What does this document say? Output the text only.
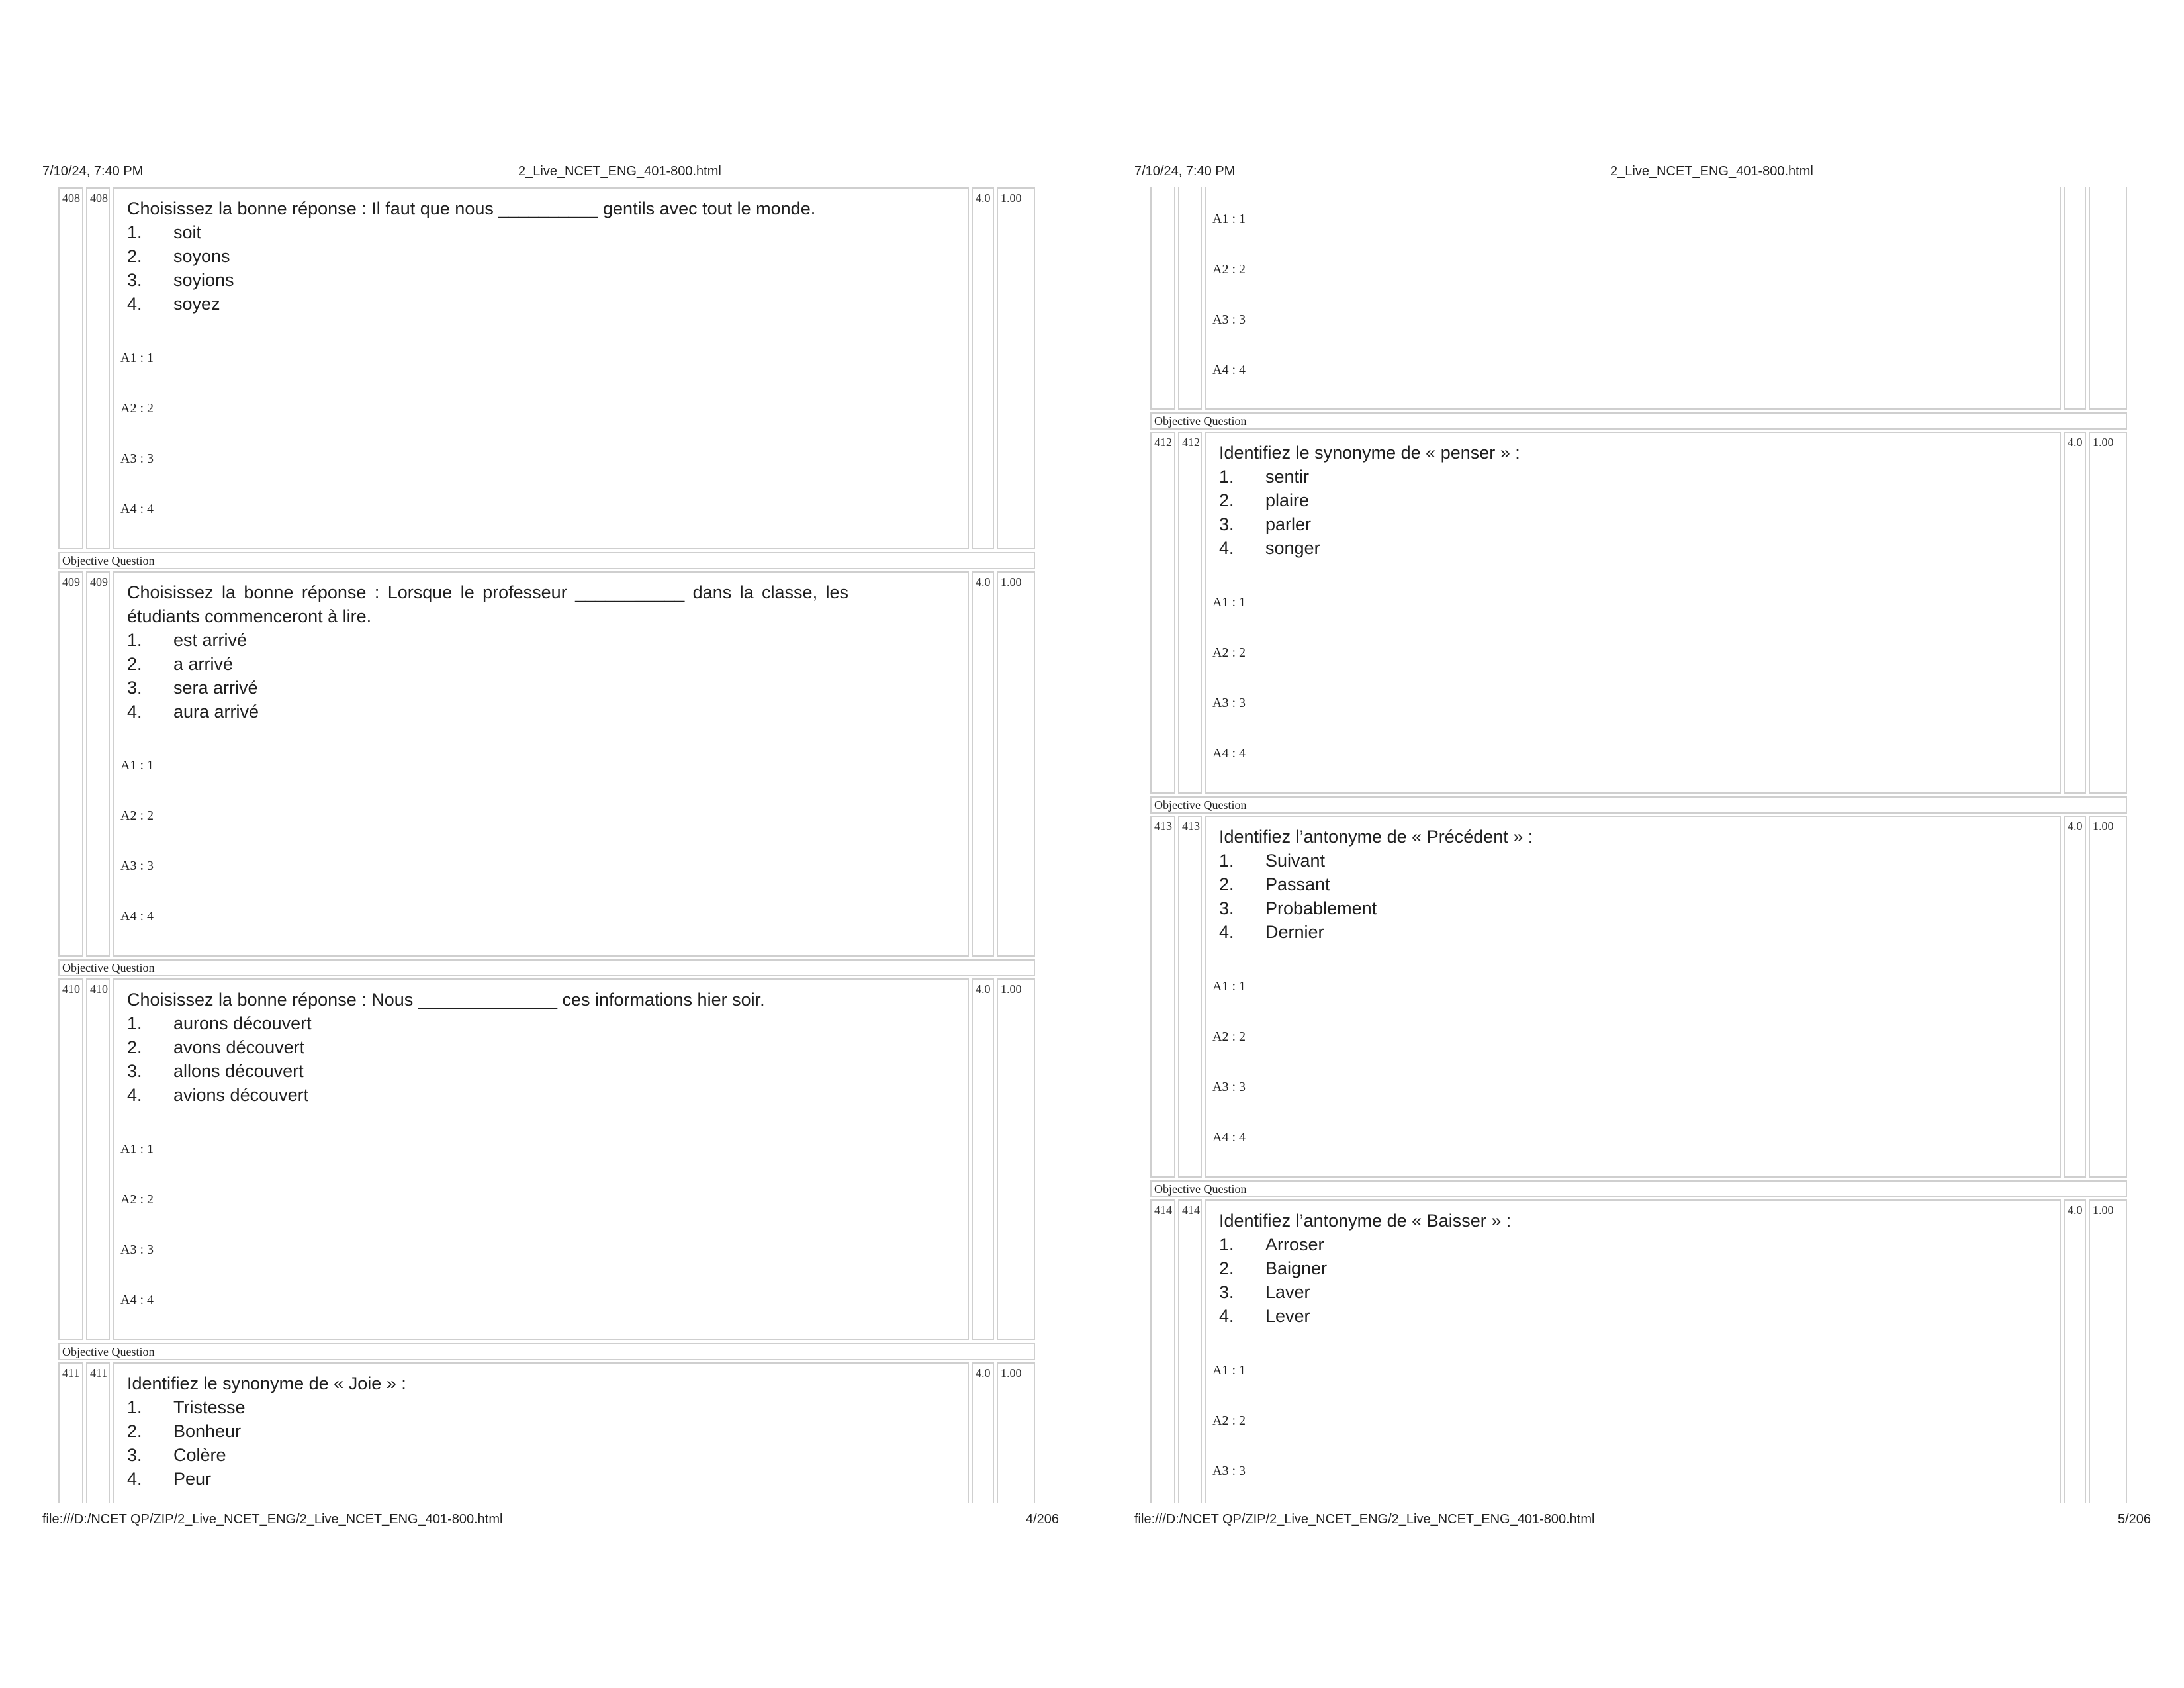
7/10/24, 7:40 PM	2_Live_NCET_ENG_401-800.html
408 408
Choisissez la bonne réponse : Il faut que nous __________ gentils avec tout le monde.
1. soit
2. soyons
3. soyions
4. soyez
A1 : 1
A2 : 2
A3 : 3
A4 : 4
4.0 1.00
Objective Question
409 409
Choisissez la bonne réponse : Lorsque le professeur ___________ dans la classe, les étudiants commenceront à lire.
1. est arrivé
2. a arrivé
3. sera arrivé
4. aura arrivé
A1 : 1
A2 : 2
A3 : 3
A4 : 4
4.0 1.00
Objective Question
410 410
Choisissez la bonne réponse : Nous ______________ ces informations hier soir.
1. aurons découvert
2. avons découvert
3. allons découvert
4. avions découvert
A1 : 1
A2 : 2
A3 : 3
A4 : 4
4.0 1.00
Objective Question
411 411
Identifiez le synonyme de « Joie » :
1. Tristesse
2. Bonheur
3. Colère
4. Peur
4.0 1.00
file:///D:/NCET QP/ZIP/2_Live_NCET_ENG/2_Live_NCET_ENG_401-800.html	4/206
7/10/24, 7:40 PM	2_Live_NCET_ENG_401-800.html
A1 : 1
A2 : 2
A3 : 3
A4 : 4
Objective Question
412 412
Identifiez le synonyme de « penser » :
1. sentir
2. plaire
3. parler
4. songer
A1 : 1
A2 : 2
A3 : 3
A4 : 4
4.0 1.00
Objective Question
413 413
Identifiez l’antonyme de « Précédent » :
1. Suivant
2. Passant
3. Probablement
4. Dernier
A1 : 1
A2 : 2
A3 : 3
A4 : 4
4.0 1.00
Objective Question
414 414
Identifiez l’antonyme de « Baisser » :
1. Arroser
2. Baigner
3. Laver
4. Lever
A1 : 1
A2 : 2
A3 : 3
4.0 1.00
file:///D:/NCET QP/ZIP/2_Live_NCET_ENG/2_Live_NCET_ENG_401-800.html	5/206
